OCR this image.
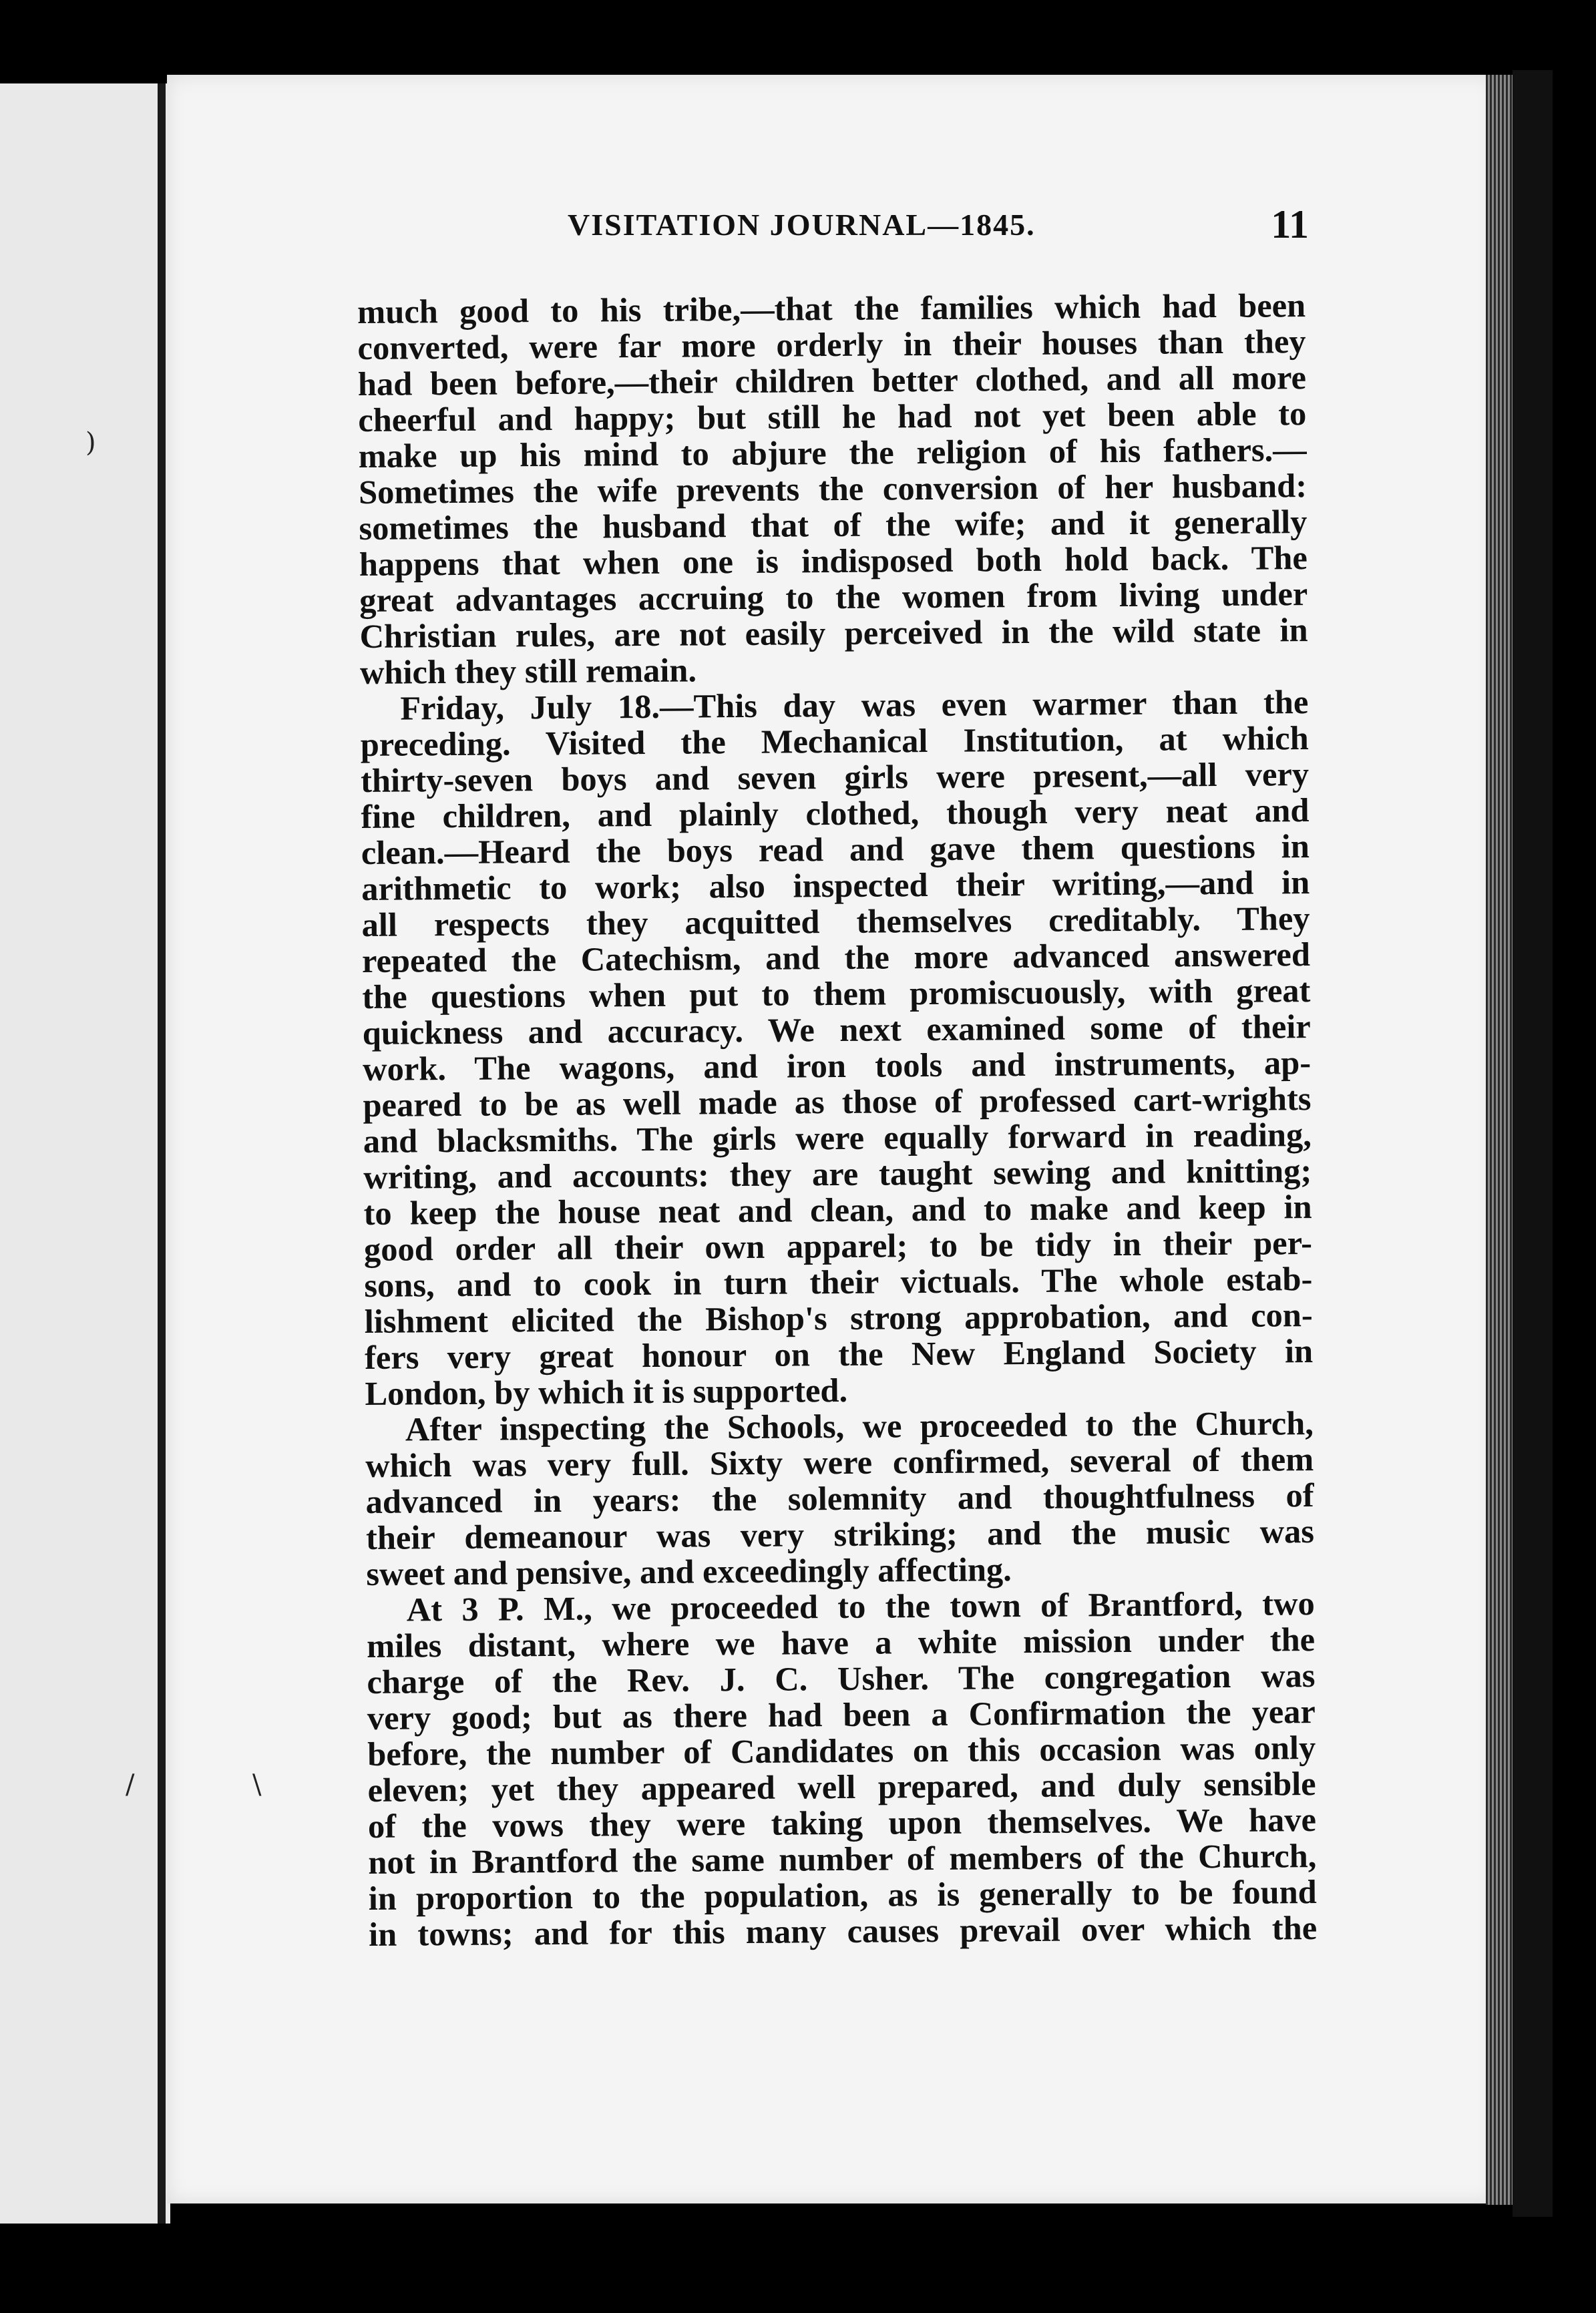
)
/	\
VISITATION JOURNAL—1845.	11
much good to his tribe,—that the families which had been
converted, were far more orderly in their houses than they
had been before,—their children better clothed, and all more
cheerful and happy; but still he had not yet been able to
make up his mind to abjure the religion of his fathers.—
Sometimes the wife prevents the conversion of her husband:
sometimes the husband that of the wife; and it generally
happens that when one is indisposed both hold back. The
great advantages accruing to the women from living under
Christian rules, are not easily perceived in the wild state in
which they still remain.
Friday, July 18.—This day was even warmer than the
preceding. Visited the Mechanical Institution, at which
thirty-seven boys and seven girls were present,—all very
fine children, and plainly clothed, though very neat and
clean.—Heard the boys read and gave them questions in
arithmetic to work; also inspected their writing,—and in
all respects they acquitted themselves creditably. They
repeated the Catechism, and the more advanced answered
the questions when put to them promiscuously, with great
quickness and accuracy. We next examined some of their
work. The wagons, and iron tools and instruments, ap-
peared to be as well made as those of professed cart-wrights
and blacksmiths. The girls were equally forward in reading,
writing, and accounts: they are taught sewing and knitting;
to keep the house neat and clean, and to make and keep in
good order all their own apparel; to be tidy in their per-
sons, and to cook in turn their victuals. The whole estab-
lishment elicited the Bishop's strong approbation, and con-
fers very great honour on the New England Society in
London, by which it is supported.
After inspecting the Schools, we proceeded to the Church,
which was very full. Sixty were confirmed, several of them
advanced in years: the solemnity and thoughtfulness of
their demeanour was very striking; and the music was
sweet and pensive, and exceedingly affecting.
At 3 P. M., we proceeded to the town of Brantford, two
miles distant, where we have a white mission under the
charge of the Rev. J. C. Usher. The congregation was
very good; but as there had been a Confirmation the year
before, the number of Candidates on this occasion was only
eleven; yet they appeared well prepared, and duly sensible
of the vows they were taking upon themselves. We have
not in Brantford the same number of members of the Church,
in proportion to the population, as is generally to be found
in towns; and for this many causes prevail over which the
